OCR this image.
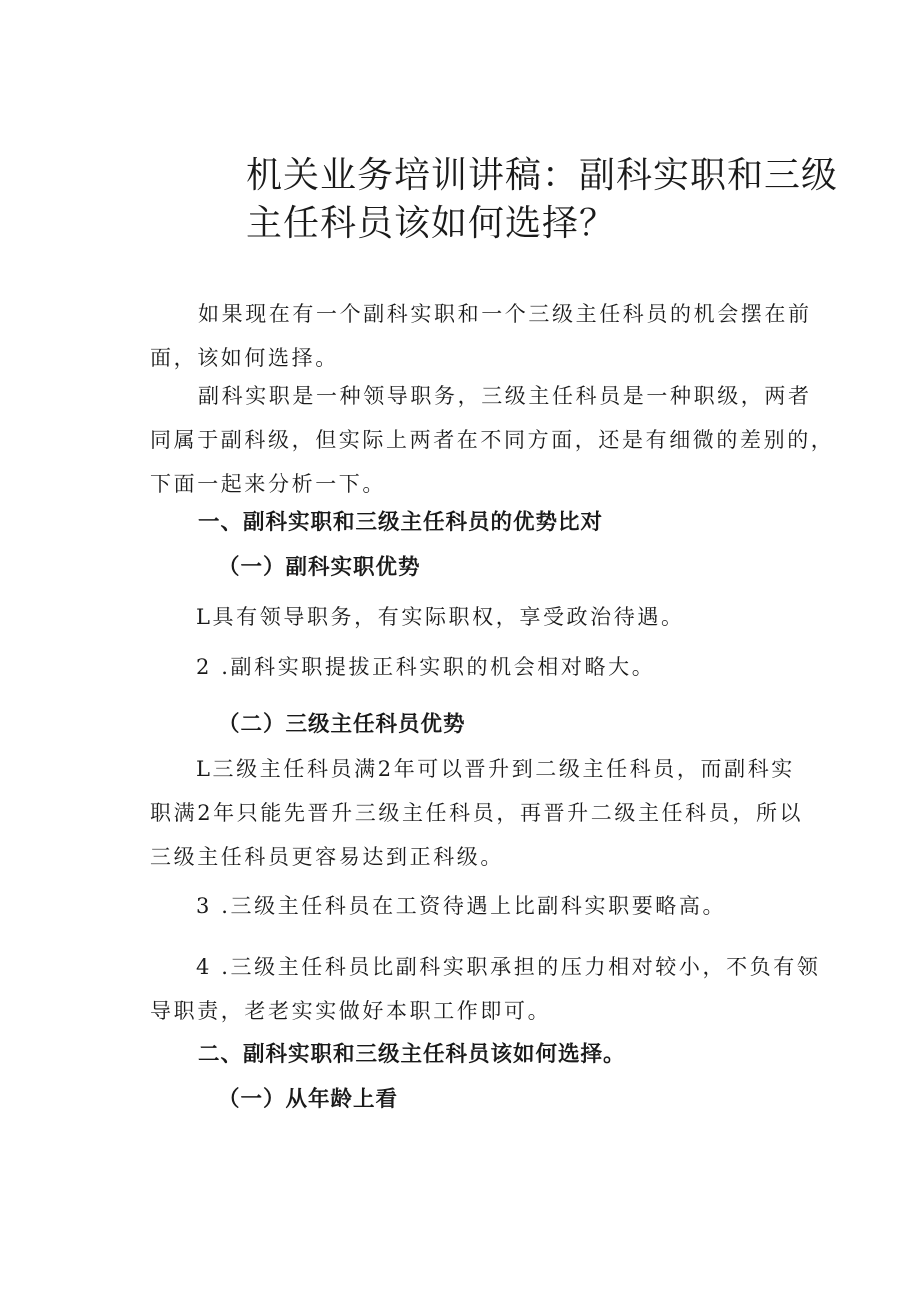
机关业务培训讲稿：副科实职和三级
主任科员该如何选择？
如果现在有一个副科实职和一个三级主任科员的机会摆在前
面，该如何选择。
副科实职是一种领导职务，三级主任科员是一种职级，两者
同属于副科级，但实际上两者在不同方面，还是有细微的差别的，
下面一起来分析一下。
一、副科实职和三级主任科员的优势比对
（一）副科实职优势
L具有领导职务，有实际职权，享受政治待遇。
2 .副科实职提拔正科实职的机会相对略大。
（二）三级主任科员优势
L三级主任科员满2年可以晋升到二级主任科员，而副科实
职满2年只能先晋升三级主任科员，再晋升二级主任科员，所以
三级主任科员更容易达到正科级。
3 .三级主任科员在工资待遇上比副科实职要略高。
4 .三级主任科员比副科实职承担的压力相对较小，不负有领
导职责，老老实实做好本职工作即可。
二、副科实职和三级主任科员该如何选择。
（一）从年龄上看
